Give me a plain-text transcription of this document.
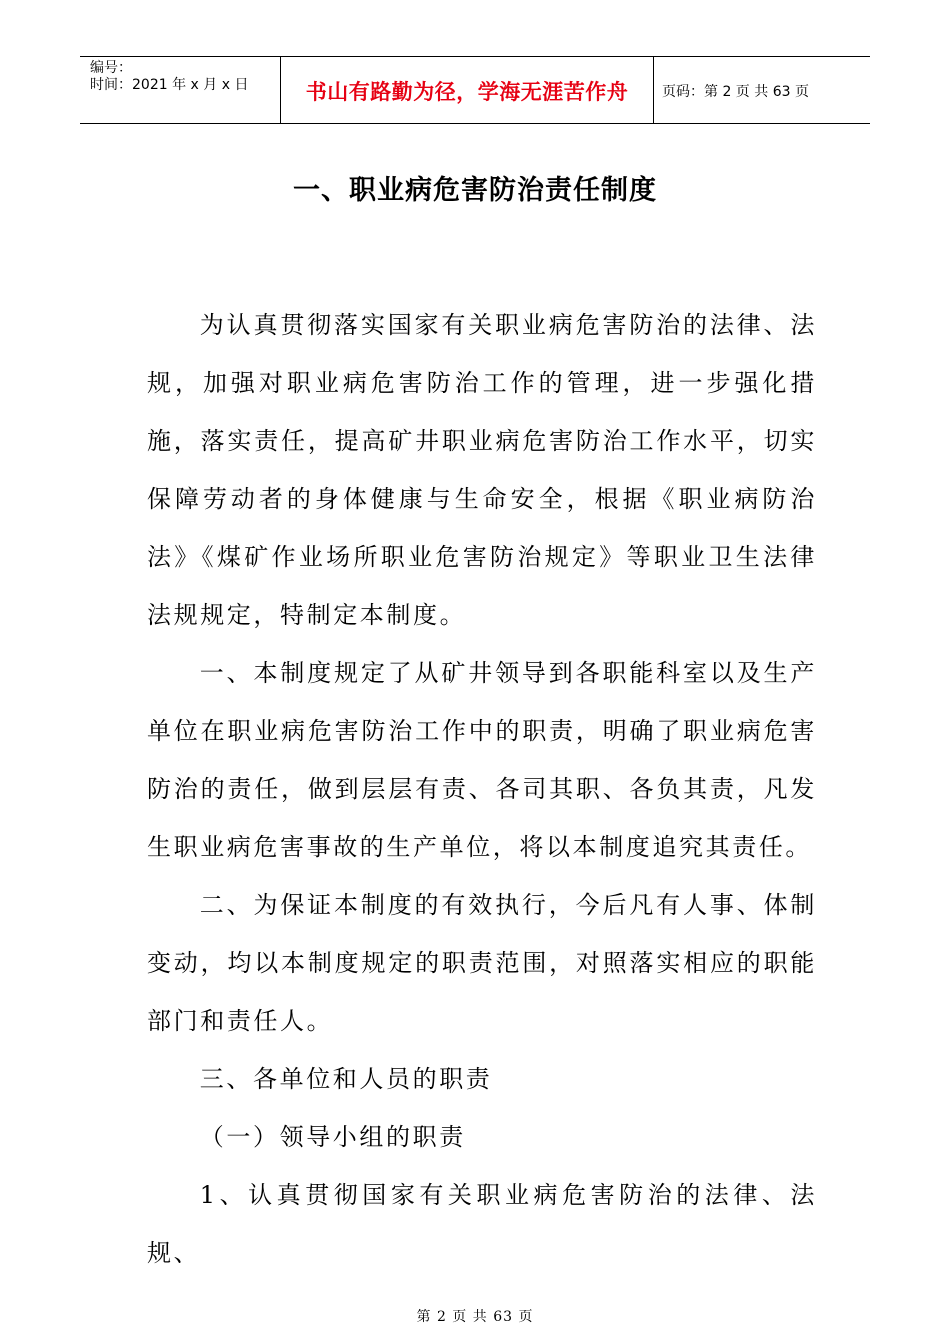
编号：
时间：2021 年 x 月 x 日	书山有路勤为径，学海无涯苦作舟	页码：第 2 页 共 63 页
一、职业病危害防治责任制度

为认真贯彻落实国家有关职业病危害防治的法律、法规，加强对职业病危害防治工作的管理，进一步强化措施，落实责任，提高矿井职业病危害防治工作水平，切实保障劳动者的身体健康与生命安全，根据《职业病防治法》《煤矿作业场所职业危害防治规定》等职业卫生法律法规规定，特制定本制度。

一、本制度规定了从矿井领导到各职能科室以及生产单位在职业病危害防治工作中的职责，明确了职业病危害防治的责任，做到层层有责、各司其职、各负其责，凡发生职业病危害事故的生产单位，将以本制度追究其责任。

二、为保证本制度的有效执行，今后凡有人事、体制变动，均以本制度规定的职责范围，对照落实相应的职能部门和责任人。

三、各单位和人员的职责

（一）领导小组的职责

1、认真贯彻国家有关职业病危害防治的法律、法规、

第 2 页 共 63 页
